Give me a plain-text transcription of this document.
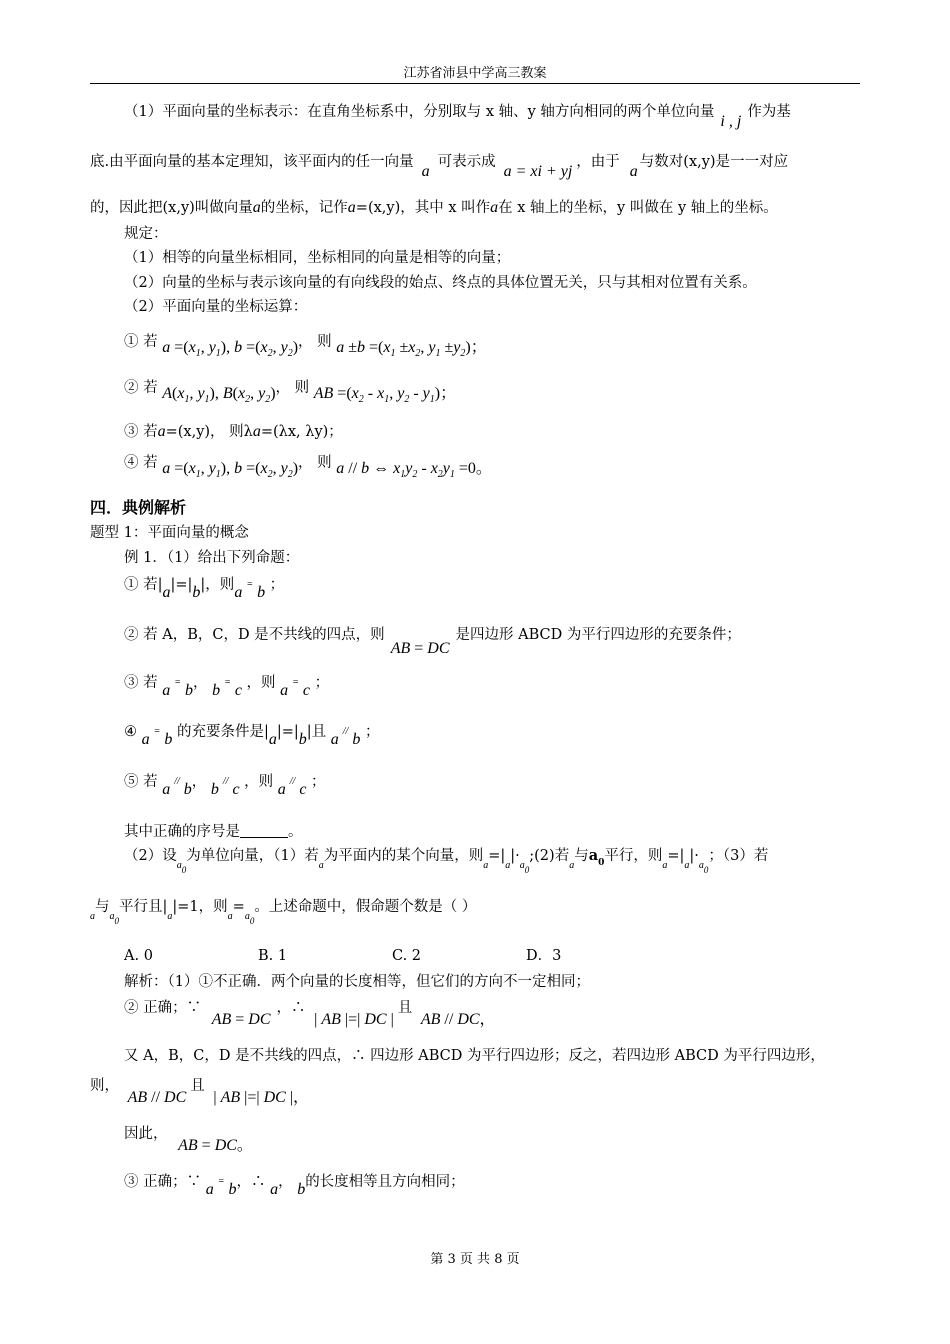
江苏省沛县中学高三教案
（1）平面向量的坐标表示：在直角坐标系中，分别取与 x 轴、y 轴方向相同的两个单位向量i , j作为基
底.由平面向量的基本定理知，该平面内的任一向量a可表示成a = xi + yj，由于a与数对(x,y)是一一对应
的，因此把(x,y)叫做向量a的坐标，记作a=(x,y)，其中 x 叫作a在 x 轴上的坐标，y 叫做在 y 轴上的坐标。
规定：
（1）相等的向量坐标相同，坐标相同的向量是相等的向量；
（2）向量的坐标与表示该向量的有向线段的始点、终点的具体位置无关，只与其相对位置有关系。
（2）平面向量的坐标运算：
① 若 $a =(x_1$, $y_1$), $b =(x_2$, $y_2$)， 则 $a \pm b =(x_1 \pm x_2$, $y_1 \pm y_2$)；
② 若 $A(x_1$, $y_1$), $B(x_2$, $y_2$)， 则 AB $=(x_2 - x_1$, $y_2 - y_1$)；
③ 若a=(x,y)， 则λa=(λx, λy)；
④ 若 $a =(x_1$, $y_1$), $b =(x_2$, $y_2$)， 则 a // b ⇔ $x_1y_2 - x_2y_1 =0$。
四．典例解析
题型 1：平面向量的概念
例 1．（1）给出下列命题：
① 若|a|=|b|，则a = b ；
② 若 A，B，C，D 是不共线的四点，则AB = DC是四边形 ABCD 为平行四边形的充要条件；
③ 若 a = b， b = c ，则 a = c ；
④ a = b 的充要条件是|a|=|b|且 a // b ；
⑤ 若 a // b， b // c ，则 a // c ；
其中正确的序号是	。
（2）设$_{a0}$为单位向量，（1）若$_a$为平面内的某个向量，则$_a=|_a|\cdot_{a0};(2)$若$_a$与$a_0$平行，则$_a=|_a|\cdot_{a0}$；（3）若
$_a$与$_{a0}$平行且$|_a|=1$，则$_a=_{a0}$。上述命题中，假命题个数是（ ）
A. 0	B. 1	C. 2	D．3
解析：（1）①不正确．两个向量的长度相等，但它们的方向不一定相同；
② 正确；∵ AB = DC，∴ | AB |=| DC |且 AB // DC，
又 A，B，C，D 是不共线的四点，∴ 四边形 ABCD 为平行四边形；反之，若四边形 ABCD 为平行四边形，
则， AB // DC且 | AB |=| DC |，
因此， AB = DC。
③ 正确；∵ a = b，∴ a， b的长度相等且方向相同；
第 3 页 共 8 页
